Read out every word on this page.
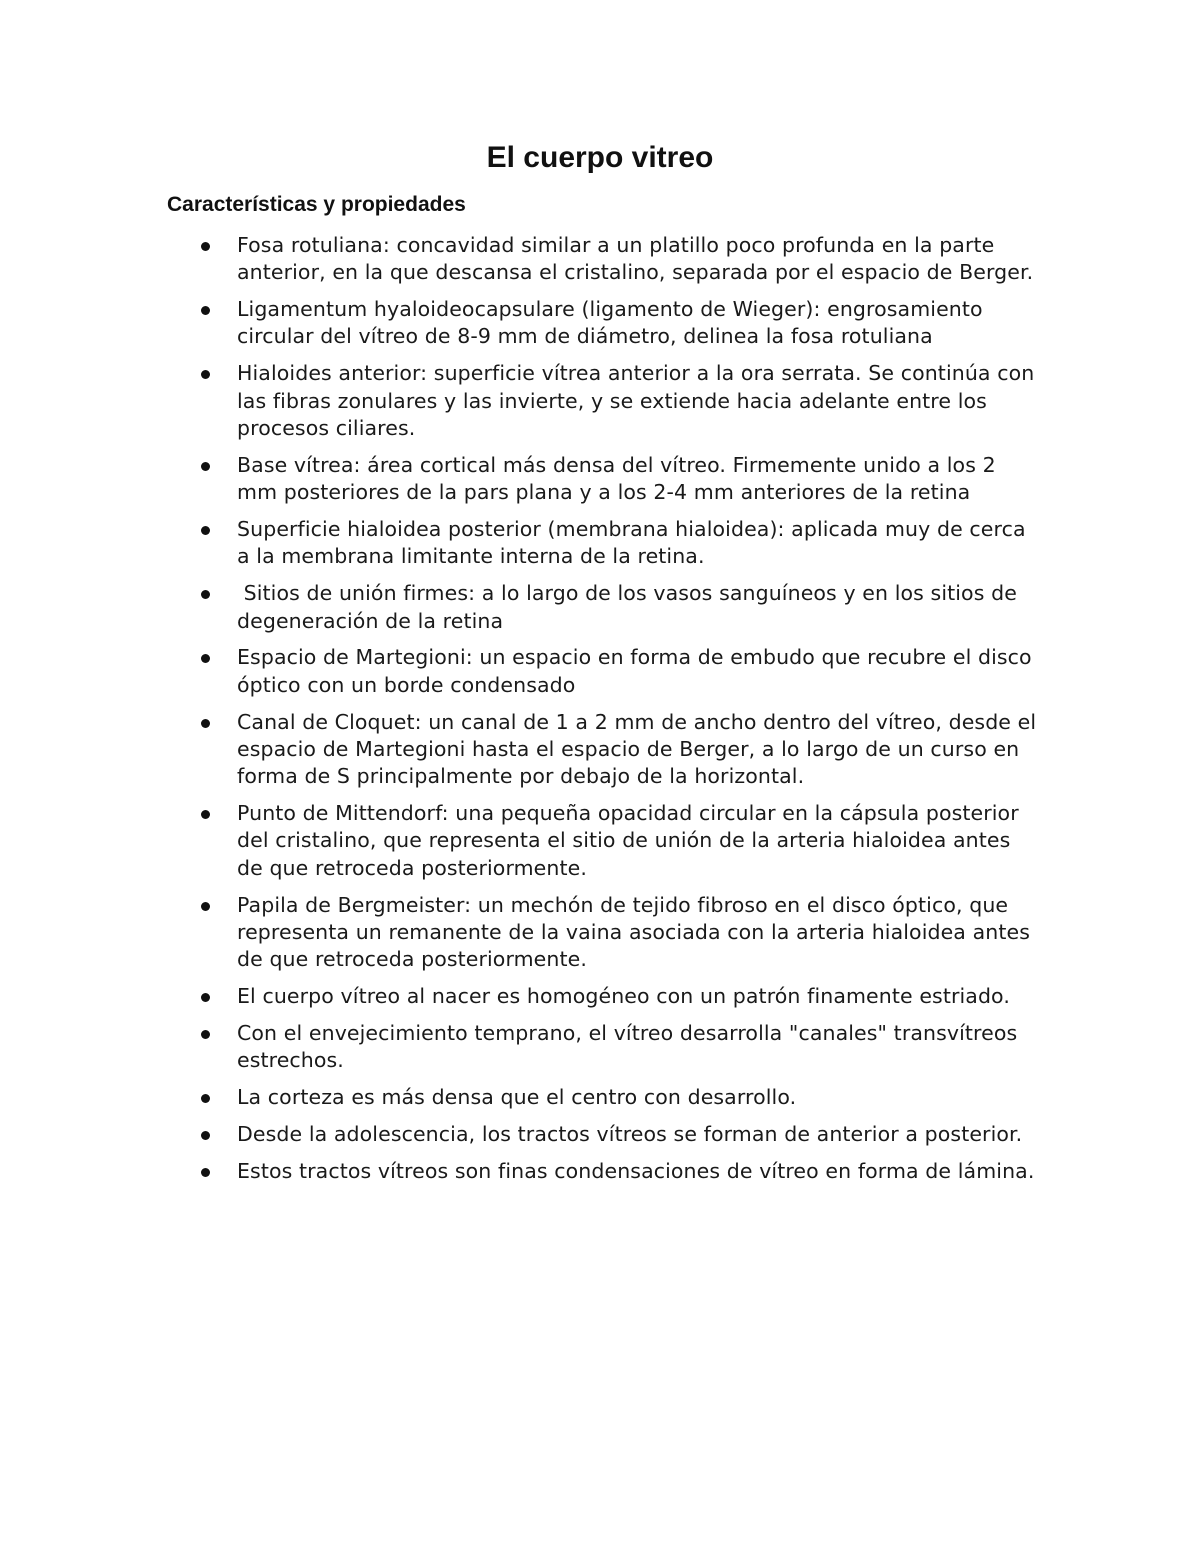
El cuerpo vitreo
Características y propiedades
Fosa rotuliana: concavidad similar a un platillo poco profunda en la parte anterior, en la que descansa el cristalino, separada por el espacio de Berger.
Ligamentum hyaloideocapsulare (ligamento de Wieger): engrosamiento circular del vítreo de 8-9 mm de diámetro, delinea la fosa rotuliana
Hialoides anterior: superficie vítrea anterior a la ora serrata. Se continúa con las fibras zonulares y las invierte, y se extiende hacia adelante entre los procesos ciliares.
Base vítrea: área cortical más densa del vítreo. Firmemente unido a los 2 mm posteriores de la pars plana y a los 2-4 mm anteriores de la retina
Superficie hialoidea posterior (membrana hialoidea): aplicada muy de cerca a la membrana limitante interna de la retina.
Sitios de unión firmes: a lo largo de los vasos sanguíneos y en los sitios de degeneración de la retina
Espacio de Martegioni: un espacio en forma de embudo que recubre el disco óptico con un borde condensado
Canal de Cloquet: un canal de 1 a 2 mm de ancho dentro del vítreo, desde el espacio de Martegioni hasta el espacio de Berger, a lo largo de un curso en forma de S principalmente por debajo de la horizontal.
Punto de Mittendorf: una pequeña opacidad circular en la cápsula posterior del cristalino, que representa el sitio de unión de la arteria hialoidea antes de que retroceda posteriormente.
Papila de Bergmeister: un mechón de tejido fibroso en el disco óptico, que representa un remanente de la vaina asociada con la arteria hialoidea antes de que retroceda posteriormente.
El cuerpo vítreo al nacer es homogéneo con un patrón finamente estriado.
Con el envejecimiento temprano, el vítreo desarrolla "canales" transvítreos estrechos.
La corteza es más densa que el centro con desarrollo.
Desde la adolescencia, los tractos vítreos se forman de anterior a posterior.
Estos tractos vítreos son finas condensaciones de vítreo en forma de lámina.
